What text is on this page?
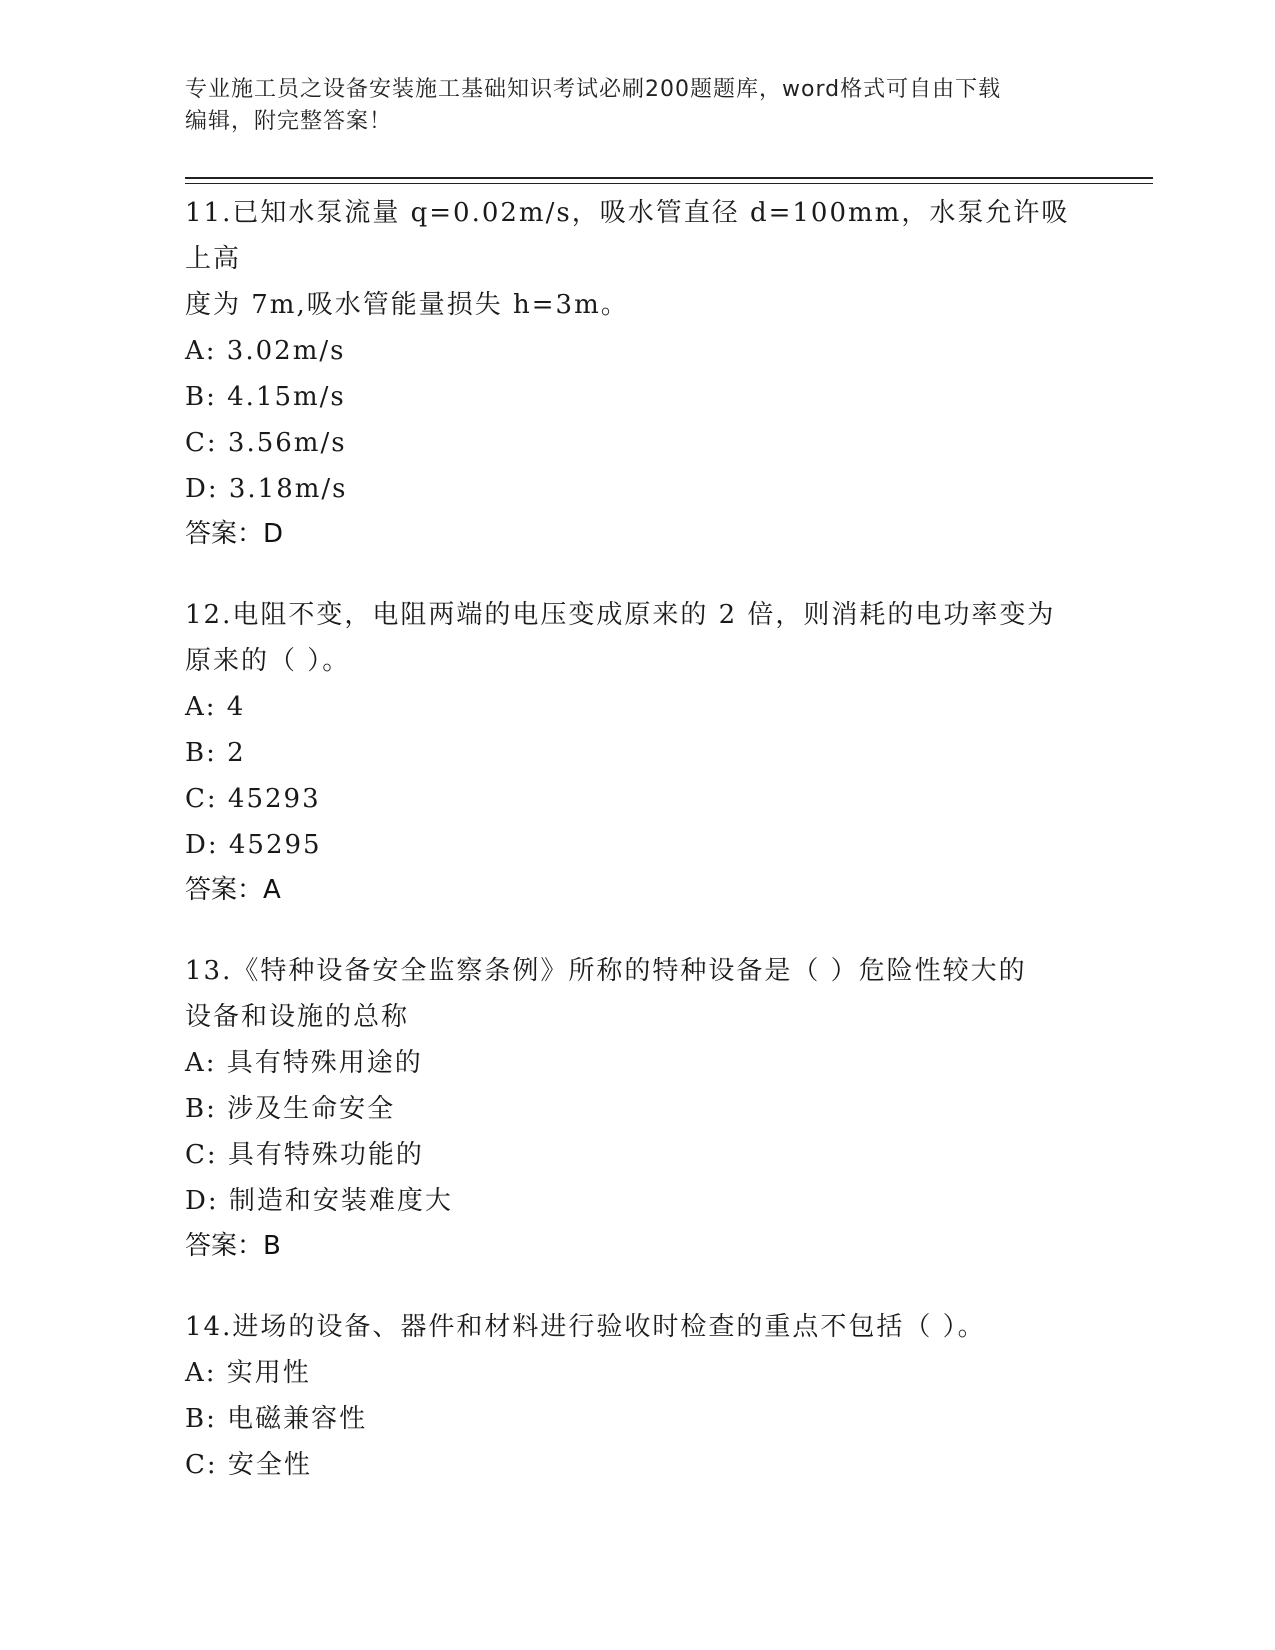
专业施工员之设备安装施工基础知识考试必刷200题题库，word格式可自由下载
编辑，附完整答案！

11.已知水泵流量 q=0.02m/s，吸水管直径 d=100mm，水泵允许吸上高

度为 7m,吸水管能量损失 h=3m。

A: 3.02m/s

B: 4.15m/s

C: 3.56m/s

D: 3.18m/s

答案：D

12.电阻不变，电阻两端的电压变成原来的 2 倍，则消耗的电功率变为

原来的（ ）。

A: 4

B: 2

C: 45293

D: 45295

答案：A

13.《特种设备安全监察条例》所称的特种设备是（ ）危险性较大的

设备和设施的总称

A: 具有特殊用途的

B: 涉及生命安全

C: 具有特殊功能的

D: 制造和安装难度大

答案：B

14.进场的设备、器件和材料进行验收时检查的重点不包括（ ）。

A: 实用性

B: 电磁兼容性

C: 安全性
